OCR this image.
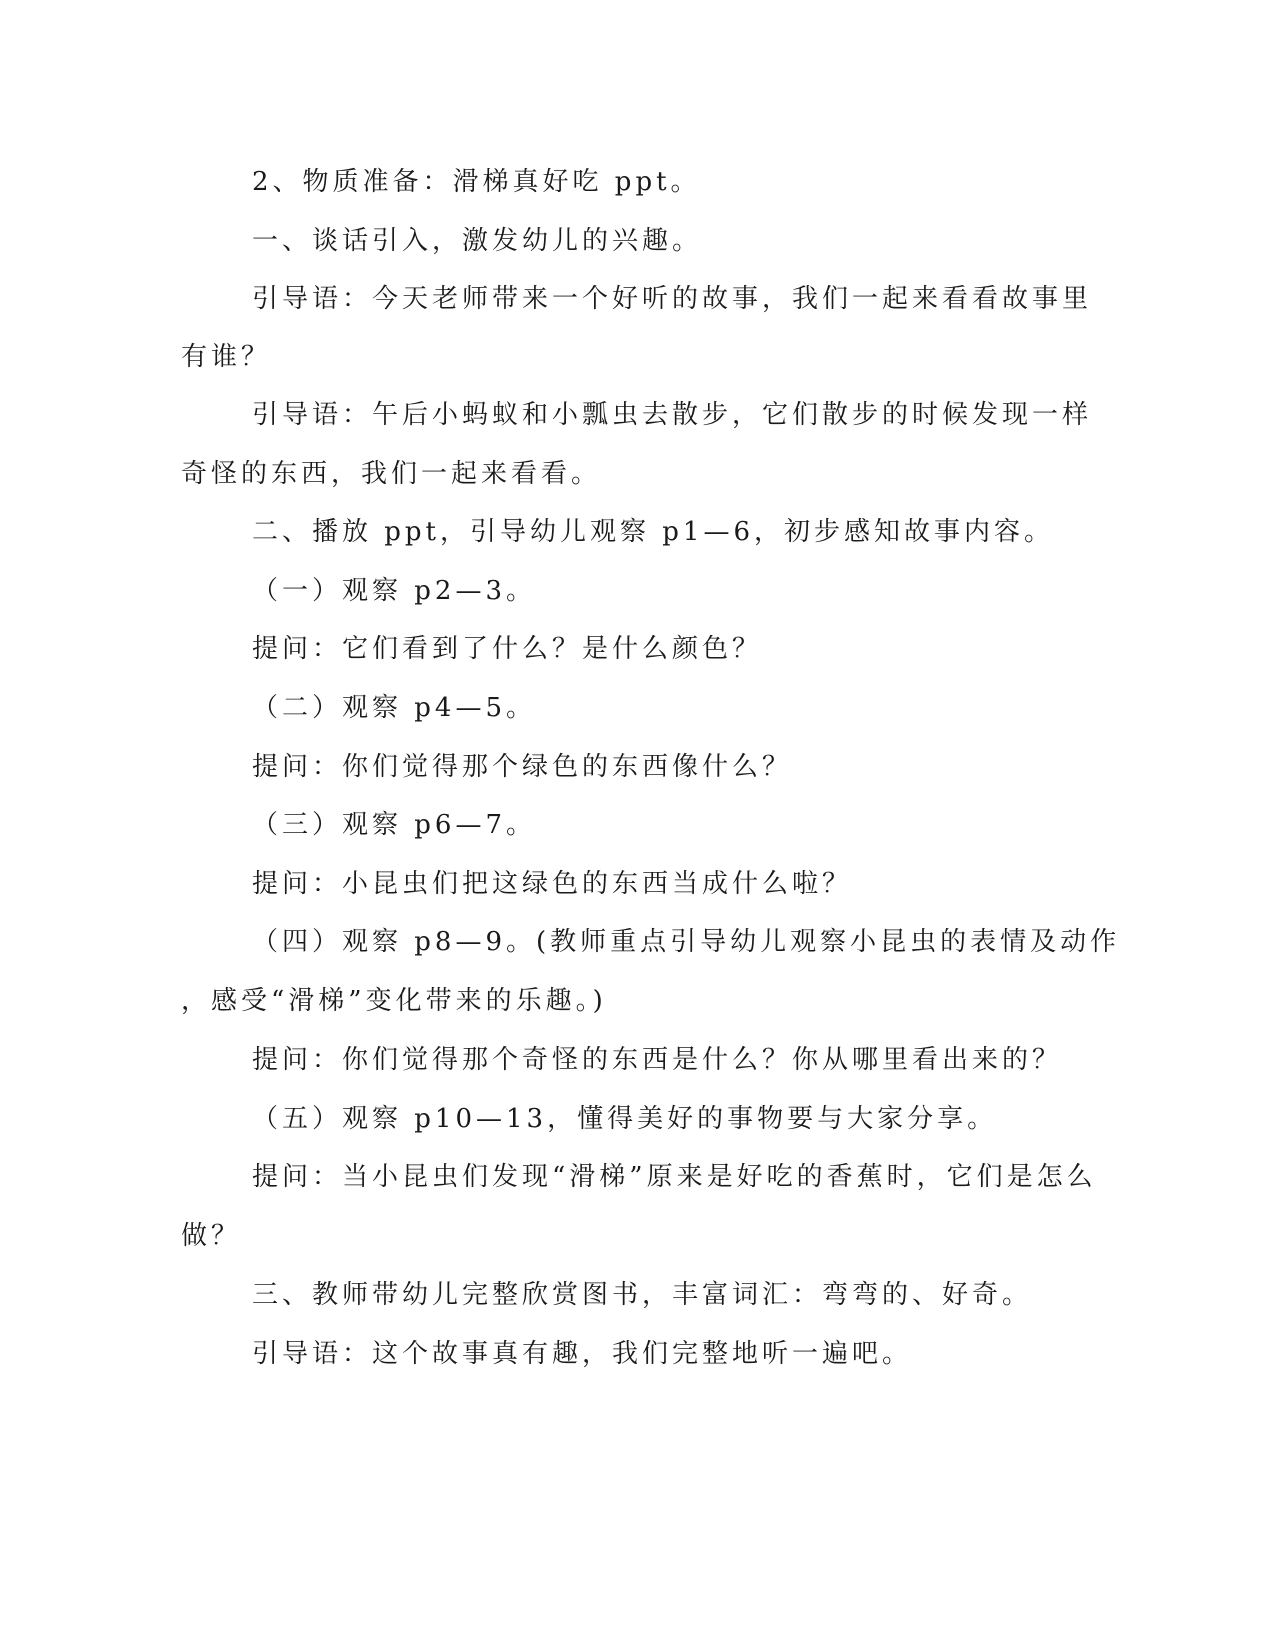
2、物质准备：滑梯真好吃 ppt。
一、谈话引入，激发幼儿的兴趣。
引导语：今天老师带来一个好听的故事，我们一起来看看故事里
有谁？
引导语：午后小蚂蚁和小瓢虫去散步，它们散步的时候发现一样
奇怪的东西，我们一起来看看。
二、播放 ppt，引导幼儿观察 p1—6，初步感知故事内容。
（一）观察 p2—3。
提问：它们看到了什么？是什么颜色？
（二）观察 p4—5。
提问：你们觉得那个绿色的东西像什么？
（三）观察 p6—7。
提问：小昆虫们把这绿色的东西当成什么啦？
（四）观察 p8—9。(教师重点引导幼儿观察小昆虫的表情及动作
，感受“滑梯”变化带来的乐趣。)
提问：你们觉得那个奇怪的东西是什么？你从哪里看出来的？
（五）观察 p10—13，懂得美好的事物要与大家分享。
提问：当小昆虫们发现“滑梯”原来是好吃的香蕉时，它们是怎么
做？
三、教师带幼儿完整欣赏图书，丰富词汇：弯弯的、好奇。
引导语：这个故事真有趣，我们完整地听一遍吧。
